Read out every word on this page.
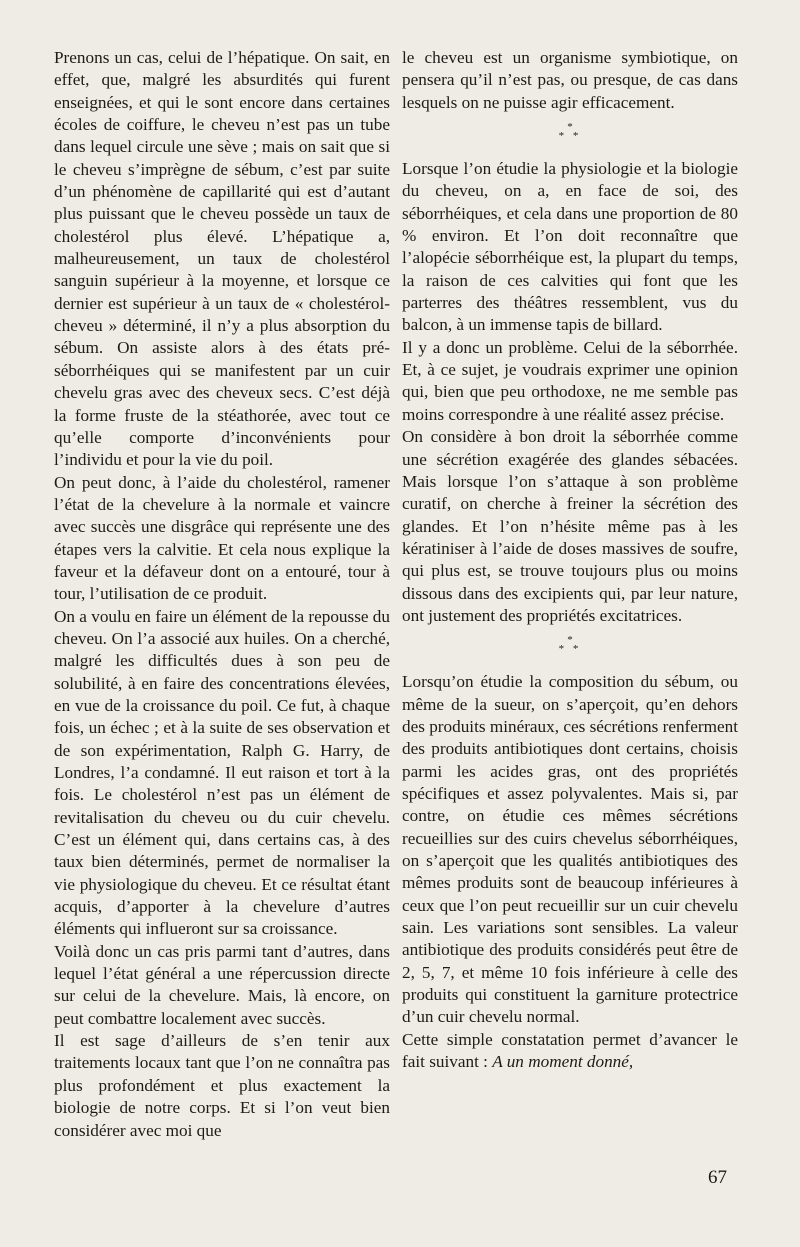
Prenons un cas, celui de l’hépatique. On sait, en effet, que, malgré les absurdités qui furent enseignées, et qui le sont encore dans certaines écoles de coiffure, le cheveu n’est pas un tube dans lequel circule une sève ; mais on sait que si le cheveu s’imprègne de sébum, c’est par suite d’un phénomène de capillarité qui est d’autant plus puissant que le cheveu possède un taux de cholestérol plus élevé. L’hépatique a, malheureusement, un taux de cholestérol sanguin supérieur à la moyenne, et lorsque ce dernier est supérieur à un taux de « cholestérol-cheveu » déterminé, il n’y a plus absorption du sébum. On assiste alors à des états pré-séborrhéiques qui se manifestent par un cuir chevelu gras avec des cheveux secs. C’est déjà la forme fruste de la stéathorée, avec tout ce qu’elle comporte d’inconvénients pour l’individu et pour la vie du poil.

On peut donc, à l’aide du cholestérol, ramener l’état de la chevelure à la normale et vaincre avec succès une disgrâce qui représente une des étapes vers la calvitie. Et cela nous explique la faveur et la défaveur dont on a entouré, tour à tour, l’utilisation de ce produit.

On a voulu en faire un élément de la repousse du cheveu. On l’a associé aux huiles. On a cherché, malgré les difficultés dues à son peu de solubilité, à en faire des concentrations élevées, en vue de la croissance du poil. Ce fut, à chaque fois, un échec ; et à la suite de ses observation et de son expérimentation, Ralph G. Harry, de Londres, l’a condamné. Il eut raison et tort à la fois. Le cholestérol n’est pas un élément de revitalisation du cheveu ou du cuir chevelu. C’est un élément qui, dans certains cas, à des taux bien déterminés, permet de normaliser la vie physiologique du cheveu. Et ce résultat étant acquis, d’apporter à la chevelure d’autres éléments qui influeront sur sa croissance.

Voilà donc un cas pris parmi tant d’autres, dans lequel l’état général a une répercussion directe sur celui de la chevelure. Mais, là encore, on peut combattre localement avec succès.

Il est sage d’ailleurs de s’en tenir aux traitements locaux tant que l’on ne connaîtra pas plus profondément et plus exactement la biologie de notre corps. Et si l’on veut bien considérer avec moi que

le cheveu est un organisme symbiotique, on pensera qu’il n’est pas, ou presque, de cas dans lesquels on ne puisse agir efficacement.

*
* *

Lorsque l’on étudie la physiologie et la biologie du cheveu, on a, en face de soi, des séborrhéiques, et cela dans une proportion de 80 % environ. Et l’on doit reconnaître que l’alopécie séborrhéique est, la plupart du temps, la raison de ces calvities qui font que les parterres des théâtres ressemblent, vus du balcon, à un immense tapis de billard.

Il y a donc un problème. Celui de la séborrhée. Et, à ce sujet, je voudrais exprimer une opinion qui, bien que peu orthodoxe, ne me semble pas moins correspondre à une réalité assez précise.

On considère à bon droit la séborrhée comme une sécrétion exagérée des glandes sébacées. Mais lorsque l’on s’attaque à son problème curatif, on cherche à freiner la sécrétion des glandes. Et l’on n’hésite même pas à les kératiniser à l’aide de doses massives de soufre, qui plus est, se trouve toujours plus ou moins dissous dans des excipients qui, par leur nature, ont justement des propriétés excitatrices.

*
* *

Lorsqu’on étudie la composition du sébum, ou même de la sueur, on s’aperçoit, qu’en dehors des produits minéraux, ces sécrétions renferment des produits antibiotiques dont certains, choisis parmi les acides gras, ont des propriétés spécifiques et assez polyvalentes. Mais si, par contre, on étudie ces mêmes sécrétions recueillies sur des cuirs chevelus séborrhéiques, on s’aperçoit que les qualités antibiotiques des mêmes produits sont de beaucoup inférieures à ceux que l’on peut recueillir sur un cuir chevelu sain. Les variations sont sensibles. La valeur antibiotique des produits considérés peut être de 2, 5, 7, et même 10 fois inférieure à celle des produits qui constituent la garniture protectrice d’un cuir chevelu normal.

Cette simple constatation permet d’avancer le fait suivant : A un moment donné,

67
